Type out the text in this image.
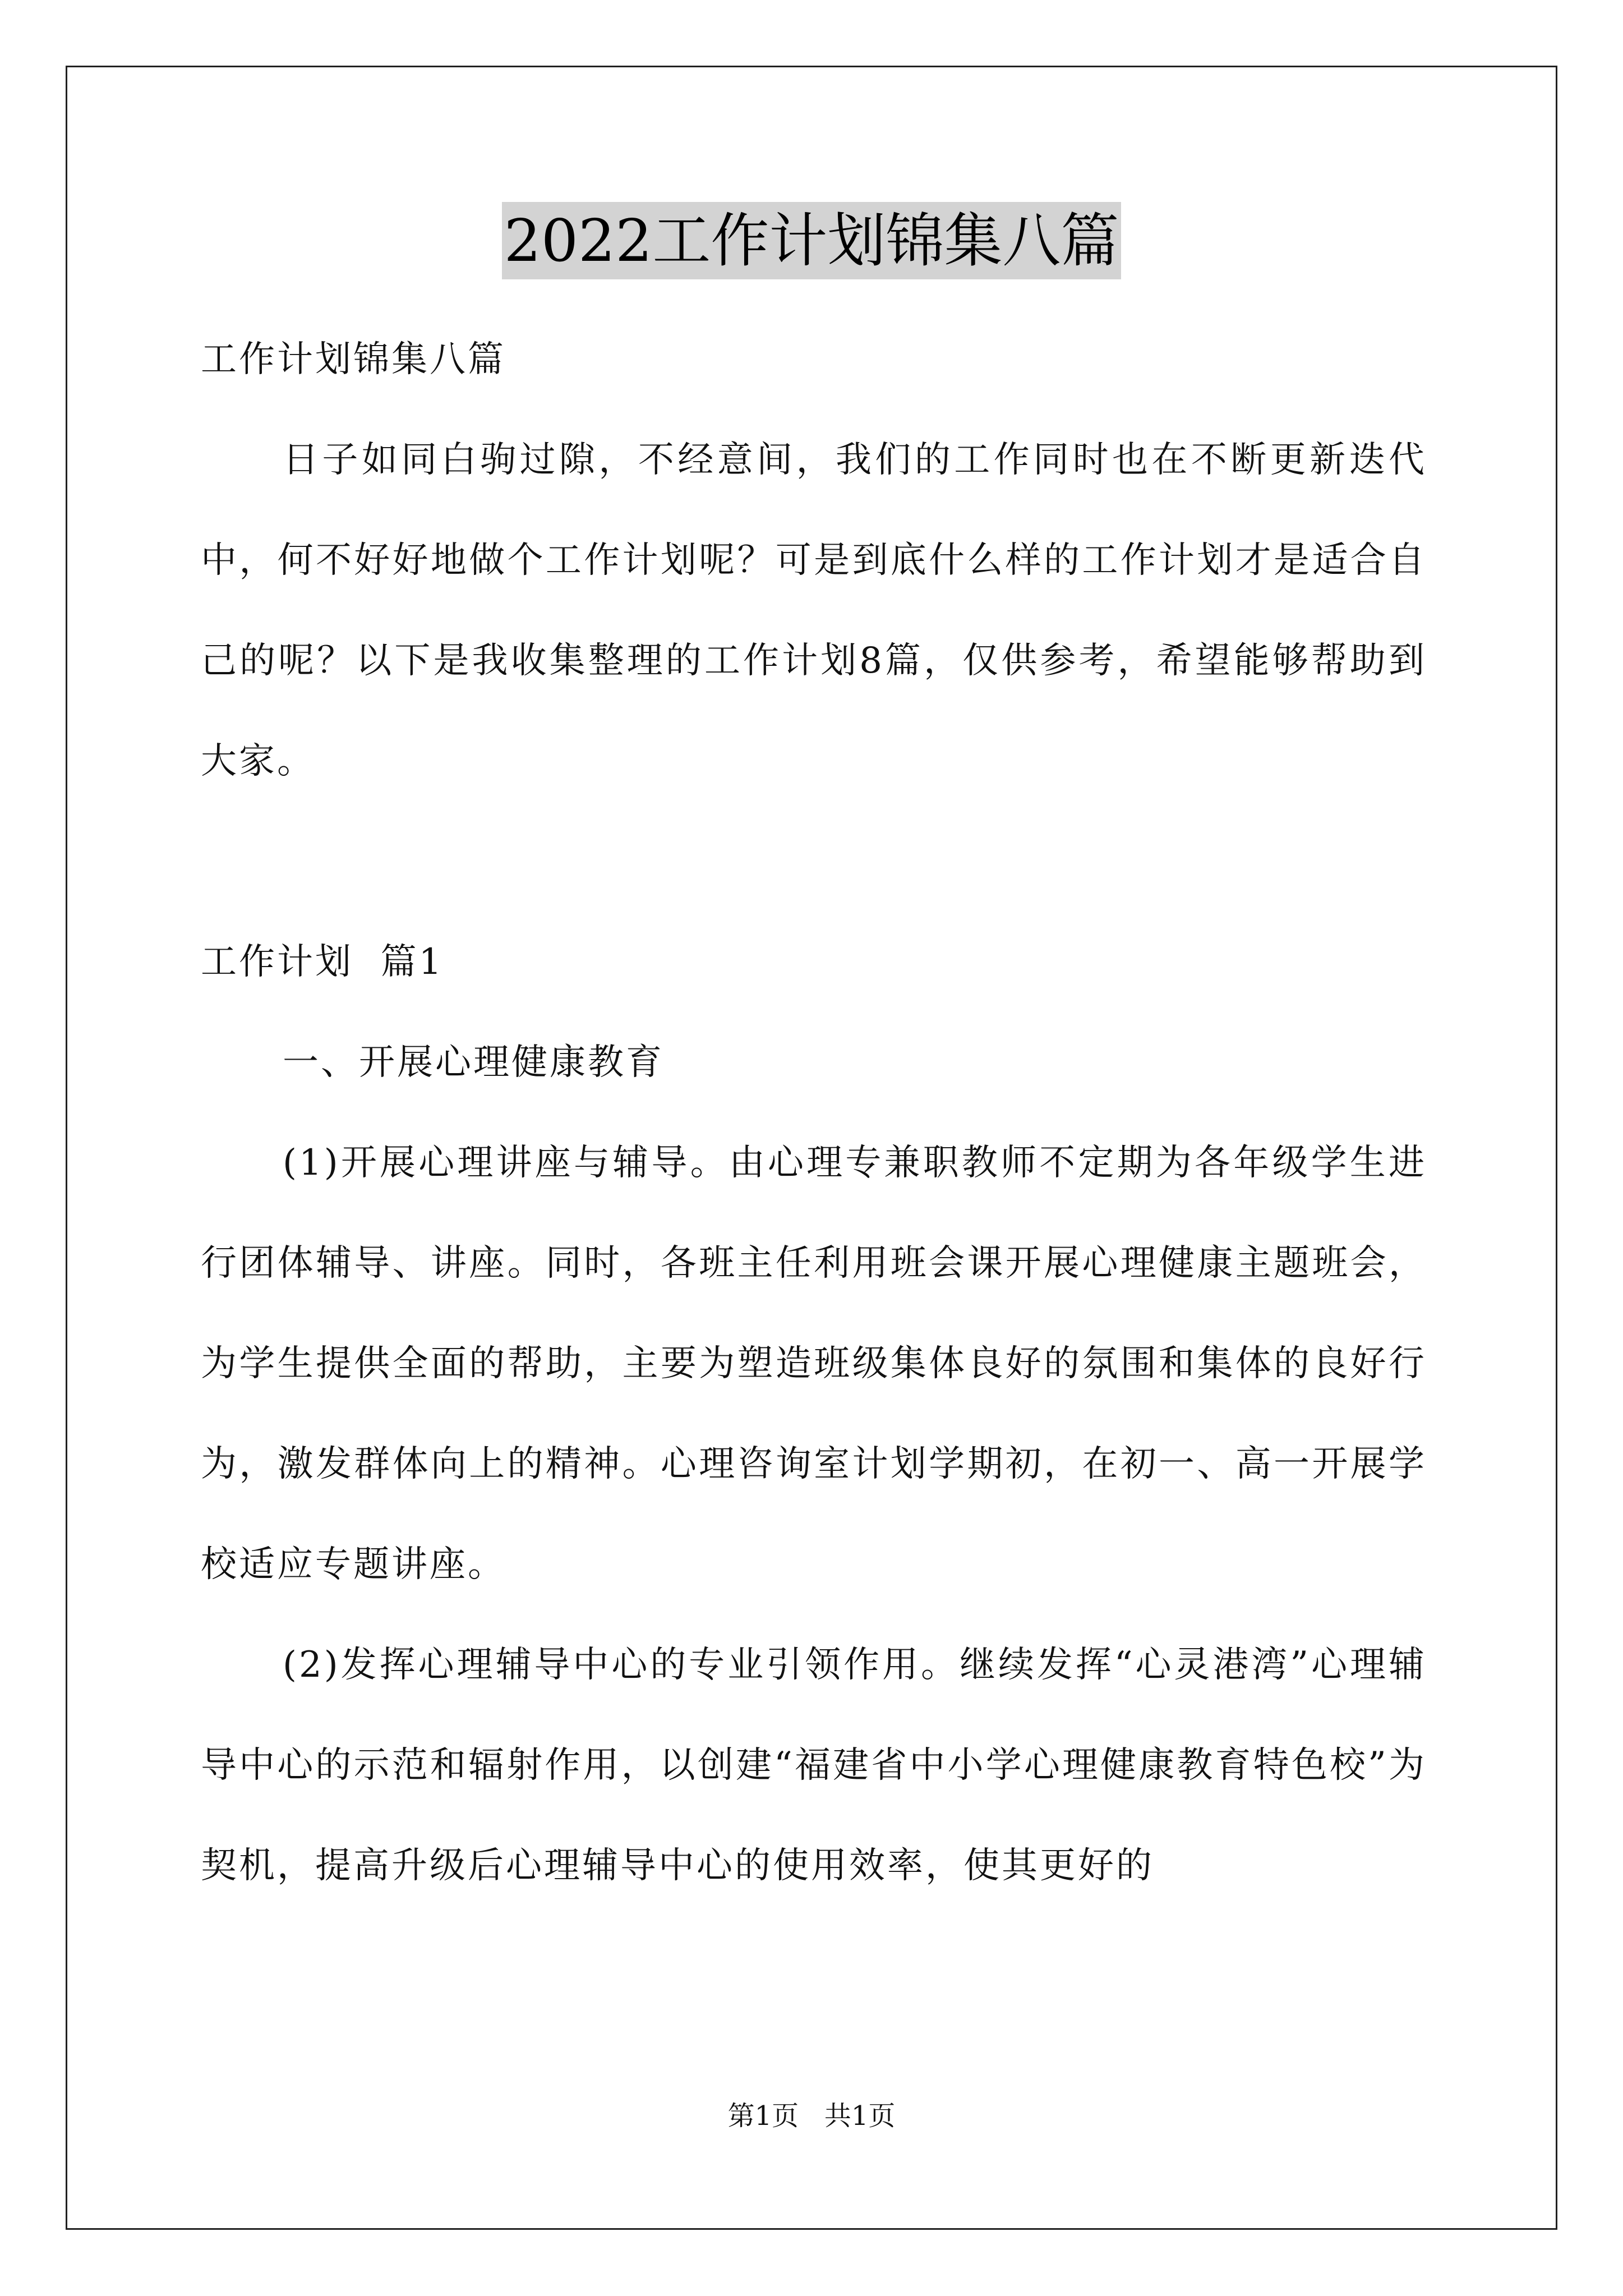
2022工作计划锦集八篇

工作计划锦集八篇

日子如同白驹过隙，不经意间，我们的工作同时也在不断更新迭代中，何不好好地做个工作计划呢？可是到底什么样的工作计划才是适合自己的呢？以下是我收集整理的工作计划8篇，仅供参考，希望能够帮助到大家。

工作计划  篇1

一、开展心理健康教育

(1)开展心理讲座与辅导。由心理专兼职教师不定期为各年级学生进行团体辅导、讲座。同时，各班主任利用班会课开展心理健康主题班会，为学生提供全面的帮助，主要为塑造班级集体良好的氛围和集体的良好行为，激发群体向上的精神。心理咨询室计划学期初，在初一、高一开展学校适应专题讲座。

(2)发挥心理辅导中心的专业引领作用。继续发挥“心灵港湾”心理辅导中心的示范和辐射作用，以创建“福建省中小学心理健康教育特色校”为契机，提高升级后心理辅导中心的使用效率，使其更好的

第1页   共1页
